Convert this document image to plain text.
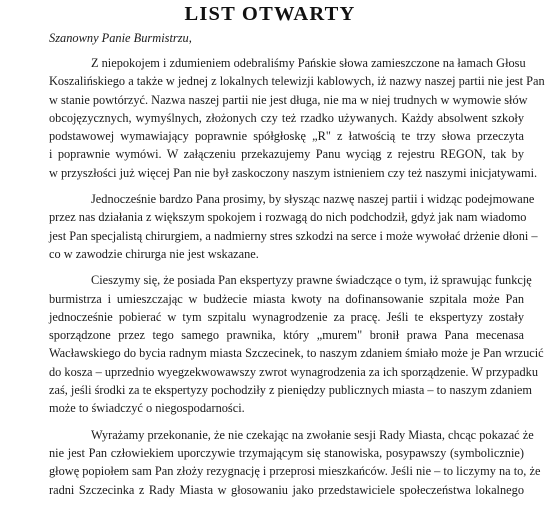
LIST OTWARTY
Szanowny Panie Burmistrzu,
Z niepokojem i zdumieniem odebraliśmy Pańskie słowa zamieszczone na łamach Głosu
Koszalińskiego a także w jednej z lokalnych telewizji kablowych, iż nazwy naszej partii nie jest Pan
w stanie powtórzyć. Nazwa naszej partii nie jest długa, nie ma w niej trudnych w wymowie słów
obcojęzycznych, wymyślnych, złożonych czy też rzadko używanych. Każdy absolwent szkoły
podstawowej wymawiający poprawnie spółgłoskę „R" z łatwością te trzy słowa przeczyta
i poprawnie wymówi. W załączeniu przekazujemy Panu wyciąg z rejestru REGON, tak by
w przyszłości już więcej Pan nie był zaskoczony naszym istnieniem czy też naszymi inicjatywami.
Jednocześnie bardzo Pana prosimy, by słysząc nazwę naszej partii i widząc podejmowane
przez nas działania z większym spokojem i rozwagą do nich podchodził, gdyż jak nam wiadomo
jest Pan specjalistą chirurgiem, a nadmierny stres szkodzi na serce i może wywołać drżenie dłoni –
co w zawodzie chirurga nie jest wskazane.
Cieszymy się, że posiada Pan ekspertyzy prawne świadczące o tym, iż sprawując funkcję
burmistrza i umieszczając w budżecie miasta kwoty na dofinansowanie szpitala może Pan
jednocześnie pobierać w tym szpitalu wynagrodzenie za pracę. Jeśli te ekspertyzy zostały
sporządzone przez tego samego prawnika, który „murem" bronił prawa Pana mecenasa
Wacławskiego do bycia radnym miasta Szczecinek, to naszym zdaniem śmiało może je Pan wrzucić
do kosza – uprzednio wyegzekwowawszy zwrot wynagrodzenia za ich sporządzenie. W przypadku
zaś, jeśli środki za te ekspertyzy pochodziły z pieniędzy publicznych miasta – to naszym zdaniem
może to świadczyć o niegospodarności.
Wyrażamy przekonanie, że nie czekając na zwołanie sesji Rady Miasta, chcąc pokazać że
nie jest Pan człowiekiem uporczywie trzymającym się stanowiska, posypawszy (symbolicznie)
głowę popiołem sam Pan złoży rezygnację i przeprosi mieszkańców. Jeśli nie – to liczymy na to, że
radni Szczecinka z Rady Miasta w głosowaniu jako przedstawiciele społeczeństwa lokalnego
